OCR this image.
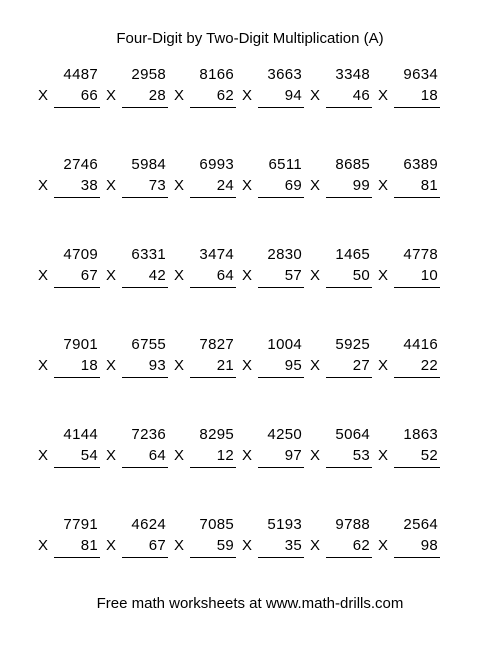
Four-Digit by Two-Digit Multiplication (A)
4487
X 66
2958
X 28
8166
X 62
3663
X 94
3348
X 46
9634
X 18
2746
X 38
5984
X 73
6993
X 24
6511
X 69
8685
X 99
6389
X 81
4709
X 67
6331
X 42
3474
X 64
2830
X 57
1465
X 50
4778
X 10
7901
X 18
6755
X 93
7827
X 21
1004
X 95
5925
X 27
4416
X 22
4144
X 54
7236
X 64
8295
X 12
4250
X 97
5064
X 53
1863
X 52
7791
X 81
4624
X 67
7085
X 59
5193
X 35
9788
X 62
2564
X 98
Free math worksheets at www.math-drills.com
